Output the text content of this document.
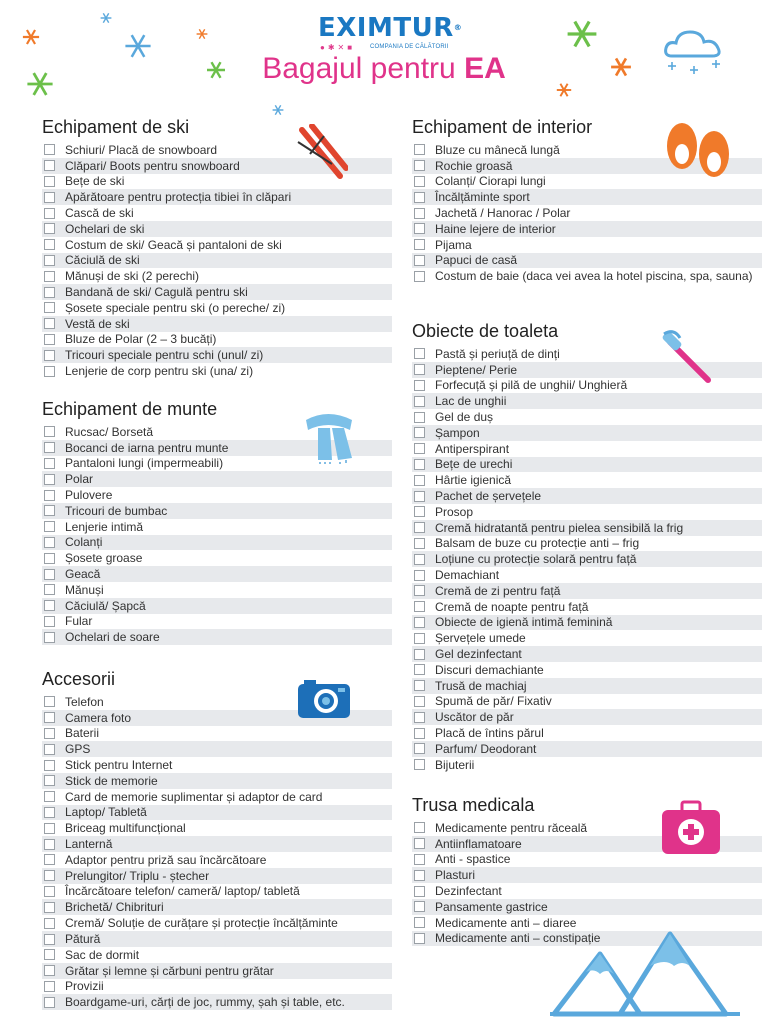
EXIMTUR®
●✱✕■ COMPANIA DE CĂLĂTORII
Bagajul pentru EA
Echipament de ski
Schiuri/ Placă de snowboard
Clăpari/ Boots pentru snowboard
Bețe de ski
Apărătoare pentru protecția tibiei în clăpari
Cască de ski
Ochelari de ski
Costum de ski/ Geacă și pantaloni de ski
Căciulă de ski
Mănuși de ski (2 perechi)
Bandană de ski/ Cagulă pentru ski
Șosete speciale pentru ski (o pereche/ zi)
Vestă de ski
Bluze de Polar (2 – 3 bucăți)
Tricouri speciale pentru schi (unul/ zi)
Lenjerie de corp pentru ski (una/ zi)
Echipament de munte
Rucsac/ Borsetă
Bocanci de iarna pentru munte
Pantaloni lungi (impermeabili)
Polar
Pulovere
Tricouri de bumbac
Lenjerie intimă
Colanți
Șosete groase
Geacă
Mănuși
Căciulă/ Șapcă
Fular
Ochelari de soare
Accesorii
Telefon
Camera foto
Baterii
GPS
Stick pentru Internet
Stick de memorie
Card de memorie suplimentar și adaptor de card
Laptop/ Tabletă
Briceag multifuncțional
Lanternă
Adaptor pentru priză sau încărcătoare
Prelungitor/ Triplu - ștecher
Încărcătoare telefon/ cameră/ laptop/ tabletă
Brichetă/ Chibrituri
Cremă/ Soluție de curățare și protecție încălțăminte
Pătură
Sac de dormit
Grătar și lemne și cărbuni pentru grătar
Provizii
Boardgame-uri, cărți de joc, rummy, șah și table, etc.
Echipament de interior
Bluze cu mânecă lungă
Rochie groasă
Colanți/ Ciorapi lungi
Încălțăminte sport
Jachetă / Hanorac / Polar
Haine lejere de interior
Pijama
Papuci de casă
Costum de baie (daca vei avea la hotel piscina, spa, sauna)
Obiecte de toaleta
Pastă și periuță de dinți
Pieptene/ Perie
Forfecuță și pilă de unghii/ Unghieră
Lac de unghii
Gel de duș
Șampon
Antiperspirant
Bețe de urechi
Hârtie igienică
Pachet de șervețele
Prosop
Cremă hidratantă pentru pielea sensibilă la frig
Balsam de buze cu protecție anti – frig
Loțiune cu protecție solară pentru față
Demachiant
Cremă de zi pentru față
Cremă de noapte pentru față
Obiecte de igienă intimă feminină
Șervețele umede
Gel dezinfectant
Discuri demachiante
Trusă de machiaj
Spumă de păr/ Fixativ
Uscător de păr
Placă de întins părul
Parfum/ Deodorant
Bijuterii
Trusa medicala
Medicamente pentru răceală
Antiinflamatoare
Anti - spastice
Plasturi
Dezinfectant
Pansamente gastrice
Medicamente anti – diaree
Medicamente anti – constipație
